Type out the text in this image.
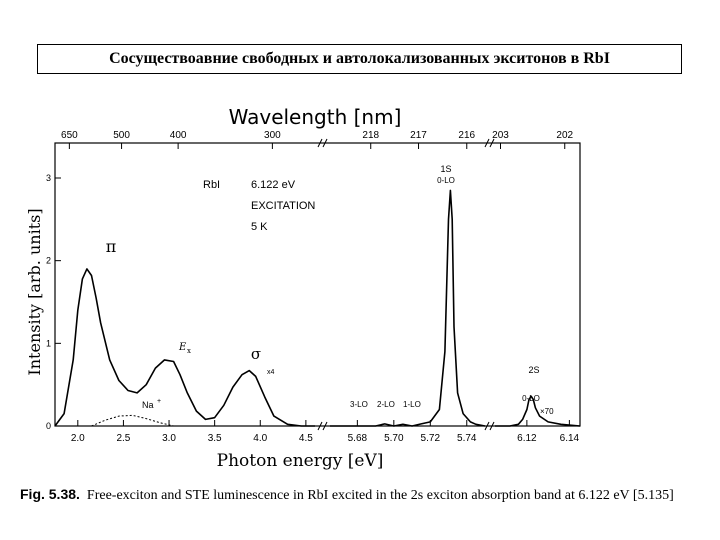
Сосуществоавние свободных и автолокализованных экситонов в RbI
0
1
2
3
2.0	2.5	3.0	3.5	4.0	4.5	5.68 5.70 5.72 5.74	6.12 6.14
650	500	400	300	218	217	216 203	202
Wavelength [nm]
Photon energy [eV]
Intensity [arb. units]
RbI	6.122 eV
EXCITATION
5 K
π
E x	σ
x4
Na +	3-LO 2-LO 1-LO
1S
0-LO
2S
0-LO
×70
Fig. 5.38. Free-exciton and STE luminescence in RbI excited in the 2s exciton absorption band at 6.122 eV [5.135]
